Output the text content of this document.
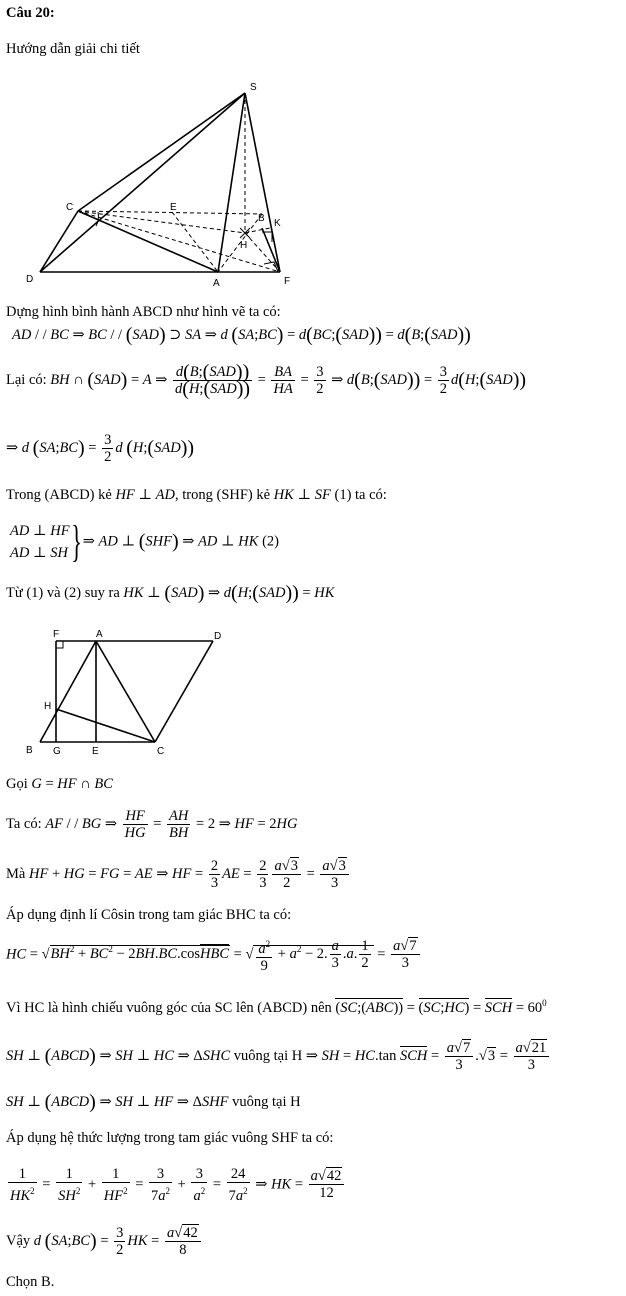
Câu 20:
Hướng dẫn giải chi tiết
S
C	E
B K
H
D	A	F
Dựng hình bình hành ABCD như hình vẽ ta có:
AD / / BC ⇒ BC / / (SAD) ⊃ SA ⇒ d (SA;BC) = d(BC;(SAD)) = d(B;(SAD))
Lại có: BH ∩ (SAD) = A ⇒ $\frac{\text{d(B;(SAD))}}{\text{d(H;(SAD))}} = \frac{BA}{HA} = \frac{3}{2}$ ⇒ d(B;(SAD)) = $\frac{3}{2}$ d(H;(SAD))
⇒ d (SA;BC) = $\frac{3}{2}$ d (H;(SAD))
Trong (ABCD) kẻ HF ⊥ AD, trong (SHF) kẻ HK ⊥ SF (1) ta có:
AD ⊥ HF
AD ⊥ SH }⇒ AD ⊥ (SHF) ⇒ AD ⊥ HK (2)
Từ (1) và (2) suy ra HK ⊥ (SAD) ⇒ d(H;(SAD)) = HK
F	A	D
H
B G	E	C
Gọi G = HF ∩ BC
Ta có: AF / / BG ⇒ $\frac{HF}{HG} = \frac{AH}{BH} = 2$ ⇒ HF = 2HG
Mà HF + HG = FG = AE ⇒ HF = $\frac{2}{3}$ AE = $\frac{2}{3} \frac{a√3}{2} = \frac{a√3}{3}$
Áp dụng định lí Côsin trong tam giác BHC ta có:
HC = $√BH^2 + BC^2$ − 2BH.BC.cosHBC = √ $\frac{a^2}{9} + a^2 - 2$. $\frac{a}{3} .a$. $\frac{1}{2} = \frac{a√7}{3}$
Vì HC là hình chiếu vuông góc của SC lên (ABCD) nên (SC;(ABC)) = (SC;HC) = SCH = $60^0$
SH ⊥ (ABCD) ⇒ SH ⊥ HC ⇒ ΔSHC vuông tại H ⇒ SH = HC.tan SCH = $\frac{a√7}{3} .√3 = \frac{a√21}{3}$
SH ⊥ (ABCD) ⇒ SH ⊥ HF ⇒ ΔSHF vuông tại H
Áp dụng hệ thức lượng trong tam giác vuông SHF ta có:
$\frac{1}{HK^2} = \frac{1}{SH^2} + \frac{1}{HF^2} = \frac{3}{7a^2} + \frac{3}{a^2} = \frac{24}{7a^2}$ ⇒ HK = $\frac{a√42}{12}$
Vậy d (SA;BC) = $\frac{3}{2}$ HK = $\frac{a√42}{8}$
Chọn B.
